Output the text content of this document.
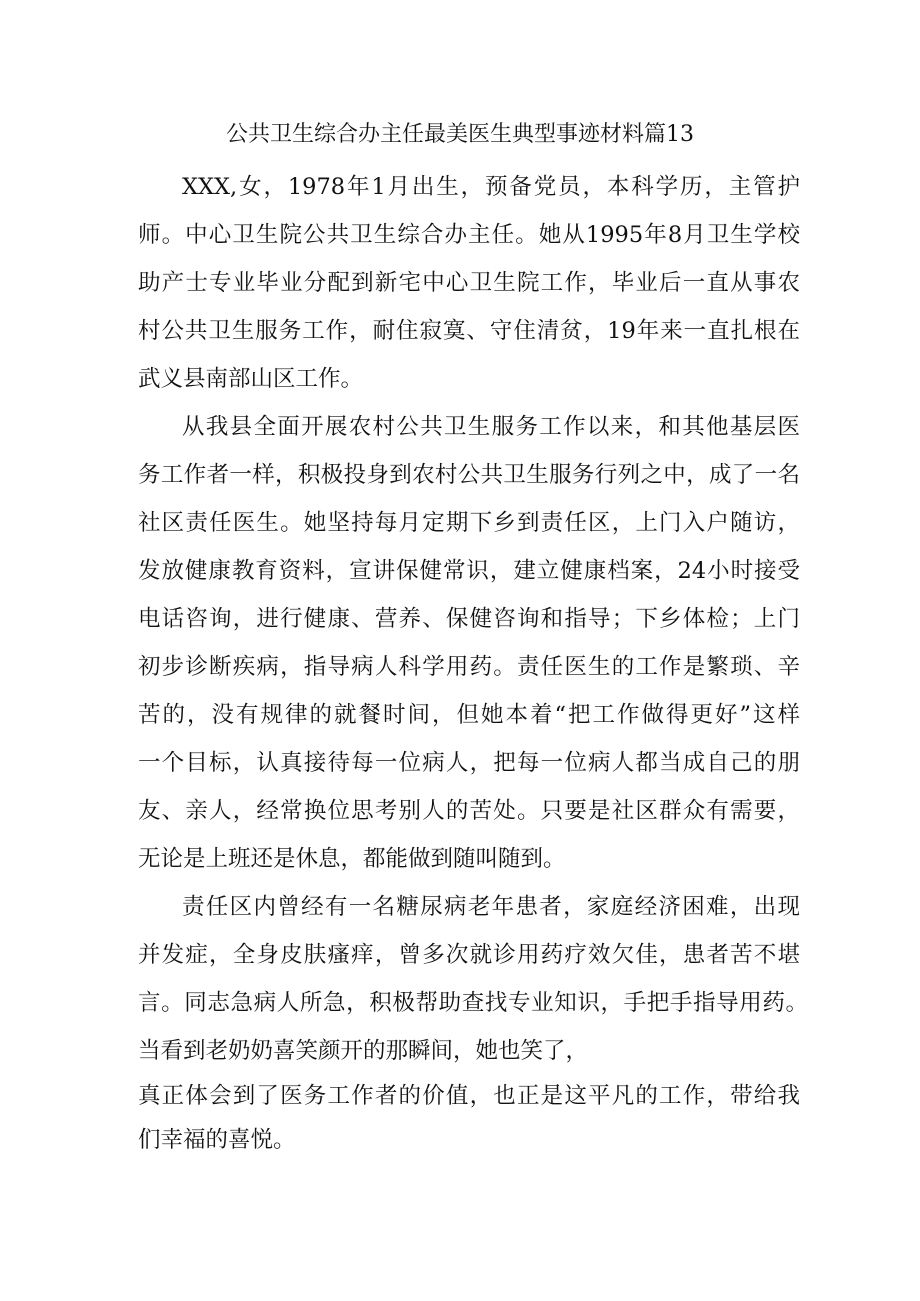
公共卫生综合办主任最美医生典型事迹材料篇13
XXX,女，1978年1月出生，预备党员，本科学历，主管护
师。中心卫生院公共卫生综合办主任。她从1995年8月卫生学校
助产士专业毕业分配到新宅中心卫生院工作，毕业后一直从事农
村公共卫生服务工作，耐住寂寞、守住清贫，19年来一直扎根在
武义县南部山区工作。
从我县全面开展农村公共卫生服务工作以来，和其他基层医
务工作者一样，积极投身到农村公共卫生服务行列之中，成了一名
社区责任医生。她坚持每月定期下乡到责任区，上门入户随访，
发放健康教育资料，宣讲保健常识，建立健康档案，24小时接受
电话咨询，进行健康、营养、保健咨询和指导；下乡体检；上门
初步诊断疾病，指导病人科学用药。责任医生的工作是繁琐、辛
苦的，没有规律的就餐时间，但她本着“把工作做得更好”这样
一个目标，认真接待每一位病人，把每一位病人都当成自己的朋
友、亲人，经常换位思考别人的苦处。只要是社区群众有需要，
无论是上班还是休息，都能做到随叫随到。
责任区内曾经有一名糖尿病老年患者，家庭经济困难，出现
并发症，全身皮肤瘙痒，曾多次就诊用药疗效欠佳，患者苦不堪
言。同志急病人所急，积极帮助查找专业知识，手把手指导用药。
当看到老奶奶喜笑颜开的那瞬间，她也笑了，
真正体会到了医务工作者的价值，也正是这平凡的工作，带给我
们幸福的喜悦。
